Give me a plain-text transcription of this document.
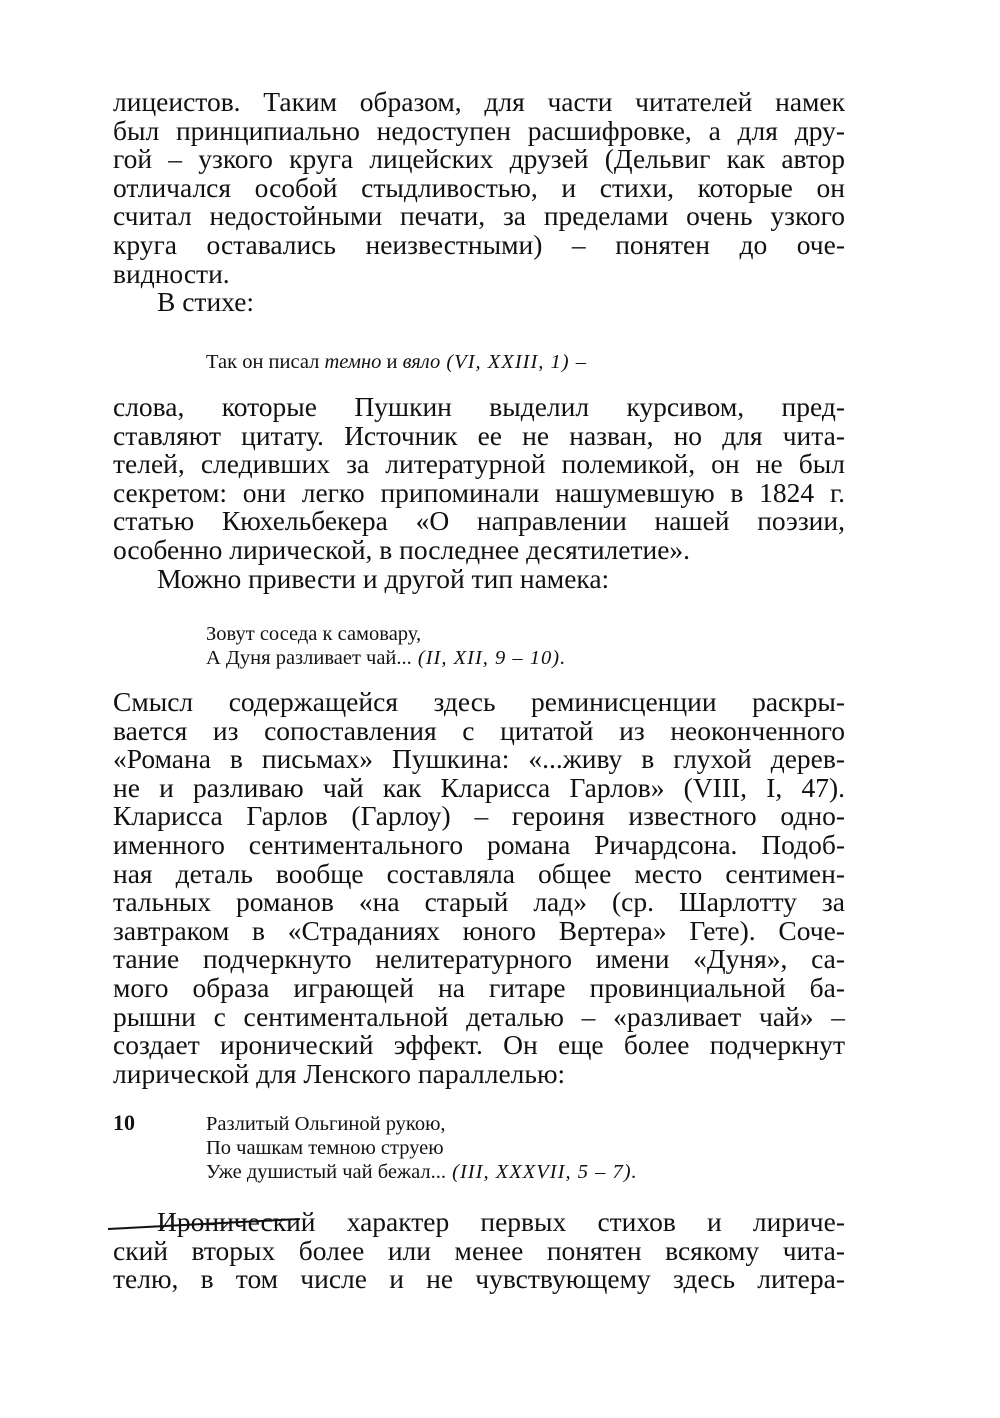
лицеистов. Таким образом, для части читателей намек
был принципиально недоступен расшифровке, а для дру-
гой – узкого круга лицейских друзей (Дельвиг как автор
отличался особой стыдливостью, и стихи, которые он
считал недостойными печати, за пределами очень узкого
круга оставались неизвестными) – понятен до оче-
видности.

В стихе:

Так он писал темно и вяло (VI, XXIII, 1) –
слова, которые Пушкин выделил курсивом, пред-
ставляют цитату. Источник ее не назван, но для чита-
телей, следивших за литературной полемикой, он не был
секретом: они легко припоминали нашумевшую в 1824 г.
статью Кюхельбекера «О направлении нашей поэзии,
особенно лирической, в последнее десятилетие».

Можно привести и другой тип намека:

Зовут соседа к самовару,
А Дуня разливает чай... (II, XII, 9 – 10).
Смысл содержащейся здесь реминисценции раскры-
вается из сопоставления с цитатой из неоконченного
«Романа в письмах» Пушкина: «...живу в глухой дерев-
не и разливаю чай как Кларисса Гарлов» (VIII, I, 47).
Кларисса Гарлов (Гарлоу) – героиня известного одно-
именного сентиментального романа Ричардсона. Подоб-
ная деталь вообще составляла общее место сентимен-
тальных романов «на старый лад» (ср. Шарлотту за
завтраком в «Страданиях юного Вертера» Гете). Соче-
тание подчеркнуто нелитературного имени «Дуня», са-
мого образа играющей на гитаре провинциальной ба-
рышни с сентиментальной деталью – «разливает чай» –
создает иронический эффект. Он еще более подчеркнут
лирической для Ленского параллелью:
Разлитый Ольгиной рукою,
По чашкам темною струею
Уже душистый чай бежал... (III, XXXVII, 5 – 7).
Иронический характер первых стихов и лириче-
ский вторых более или менее понятен всякому чита-
телю, в том числе и не чувствующему здесь литера-
10
